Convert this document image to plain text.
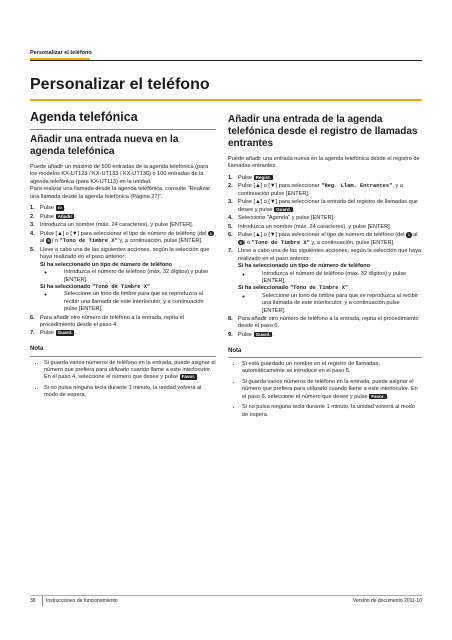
Personalizar el teléfono
Personalizar el teléfono
Agenda telefónica
Añadir una entrada nueva en la agenda telefónica

Puede añadir un máximo de 500 entradas de la agenda telefónica (para los modelos KX-UT123 / KX-UT133 / KX-UT136) o 100 entradas de la agenda telefónica (para KX-UT113) en la unidad.

Para realizar una llamada desde la agenda telefónica, consulte "Realizar una llamada desde la agenda telefónica (Página 27)".

1. Pulse ▭ .
2. Pulse Añadir .
3. Introduzca un nombre (máx. 24 caracteres), y pulse [ENTER].
4. Pulse [▲] o [▼] para seleccionar el tipo de número de teléfono (del 1 al 5 ) o "Tono de Timbre X" y, a continuación, pulse [ENTER].
5. Lleve a cabo una de las siguientes acciones, según la selección que haya realizado en el paso anterior:
Si ha seleccionado un tipo de número de teléfono
◦ Introduzca el número de teléfono (máx. 32 dígitos) y pulse [ENTER].
Si ha seleccionado "Tono de Timbre X"
◦ Seleccione un tono de timbre para que se reproduzca al recibir una llamada de este interlocutor, y a continuación pulse [ENTER].
6. Para añadir otro número de teléfono a la entrada, repita el procedimiento desde el paso 4.
7. Pulse Guard. .
Nota
• Si guarda varios números de teléfono en la entrada, puede asignar el número que prefiera para utilizarlo cuando llame a este interlocutor. En el paso 4, seleccione el número que desee y pulse Favor. .
• Si no pulsa ninguna tecla durante 1 minuto, la unidad volverá al modo de espera.
Añadir una entrada de la agenda telefónica desde el registro de llamadas entrantes

Puede añadir una entrada nueva en la agenda telefónica desde el registro de llamadas entrantes.

1. Pulse Regist. .
2. Pulse [▲] o [▼] para seleccionar "Reg. Llam. Entrantes", y a continuación pulse [ENTER].
3. Pulse [▲] o [▼] para seleccionar la entrada del registro de llamadas que desee y pulse Guard. .
4. Seleccione "Agenda" y pulse [ENTER].
5. Introduzca un nombre (máx. 24 caracteres), y pulse [ENTER].
6. Pulse [▲] o [▼] para seleccionar el tipo de número de teléfono (del 1 al 5 ) o "Tono de Timbre X" y, a continuación, pulse [ENTER].
7. Lleve a cabo una de las siguientes acciones, según la selección que haya realizado en el paso anterior:
Si ha seleccionado un tipo de número de teléfono
◦ Introduzca el número de teléfono (máx. 32 dígitos) y pulse [ENTER].
Si ha seleccionado "Tono de Timbre X"
◦ Seleccione un tono de timbre para que se reproduzca al recibir una llamada de este interlocutor, y a continuación pulse [ENTER].
8. Para añadir otro número de teléfono a la entrada, repita el procedimiento desde el paso 6.
9. Pulse Guard. .
Nota
• Si está guardado un nombre en el registro de llamadas, automáticamente se introduce en el paso 5.
• Si guarda varios números de teléfono en la entrada, puede asignar el número que prefiera para utilizarlo cuando llame a este interlocutor. En el paso 6, seleccione el número que desee y pulse Favor. .
• Si no pulsa ninguna tecla durante 1 minuto, la unidad volverá al modo de espera.
38 Instrucciones de funcionamiento	Versión de documento 2011-10
